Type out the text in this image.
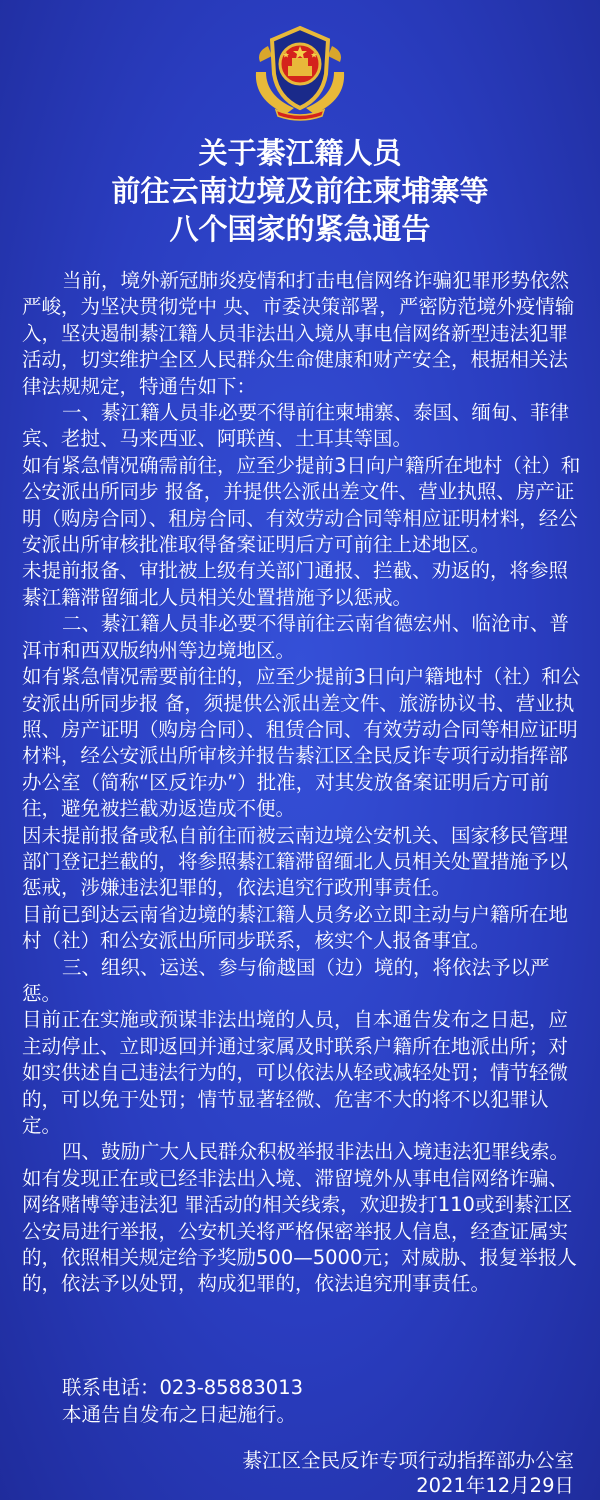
关于綦江籍人员
前往云南边境及前往柬埔寨等
八个国家的紧急通告

当前，境外新冠肺炎疫情和打击电信网络诈骗犯罪形势依然严峻，为坚决贯彻党中 央、市委决策部署，严密防范境外疫情输入，坚决遏制綦江籍人员非法出入境从事电信网络新型违法犯罪活动，切实维护全区人民群众生命健康和财产安全，根据相关法律法规规定，特通告如下：

一、綦江籍人员非必要不得前往柬埔寨、泰国、缅甸、菲律宾、老挝、马来西亚、阿联酋、土耳其等国。

如有紧急情况确需前往，应至少提前3日向户籍所在地村（社）和公安派出所同步 报备，并提供公派出差文件、营业执照、房产证明（购房合同）、租房合同、有效劳动合同等相应证明材料，经公安派出所审核批准取得备案证明后方可前往上述地区。

未提前报备、审批被上级有关部门通报、拦截、劝返的，将参照綦江籍滞留缅北人员相关处置措施予以惩戒。

二、綦江籍人员非必要不得前往云南省德宏州、临沧市、普洱市和西双版纳州等边境地区。

如有紧急情况需要前往的，应至少提前3日向户籍地村（社）和公安派出所同步报 备，须提供公派出差文件、旅游协议书、营业执照、房产证明（购房合同）、租赁合同、有效劳动合同等相应证明材料，经公安派出所审核并报告綦江区全民反诈专项行动指挥部办公室（简称“区反诈办”）批准，对其发放备案证明后方可前往，避免被拦截劝返造成不便。

因未提前报备或私自前往而被云南边境公安机关、国家移民管理部门登记拦截的，将参照綦江籍滞留缅北人员相关处置措施予以惩戒，涉嫌违法犯罪的，依法追究行政刑事责任。

目前已到达云南省边境的綦江籍人员务必立即主动与户籍所在地村（社）和公安派出所同步联系，核实个人报备事宜。

三、组织、运送、参与偷越国（边）境的，将依法予以严惩。

目前正在实施或预谋非法出境的人员，自本通告发布之日起，应主动停止、立即返回并通过家属及时联系户籍所在地派出所；对如实供述自己违法行为的，可以依法从轻或减轻处罚；情节轻微的，可以免于处罚；情节显著轻微、危害不大的将不以犯罪认定。

四、鼓励广大人民群众积极举报非法出入境违法犯罪线索。

如有发现正在或已经非法出入境、滞留境外从事电信网络诈骗、网络赌博等违法犯 罪活动的相关线索，欢迎拨打110或到綦江区公安局进行举报，公安机关将严格保密举报人信息，经查证属实的，依照相关规定给予奖励500—5000元；对威胁、报复举报人的，依法予以处罚，构成犯罪的，依法追究刑事责任。

联系电话：023-85883013
本通告自发布之日起施行。
綦江区全民反诈专项行动指挥部办公室
2021年12月29日
